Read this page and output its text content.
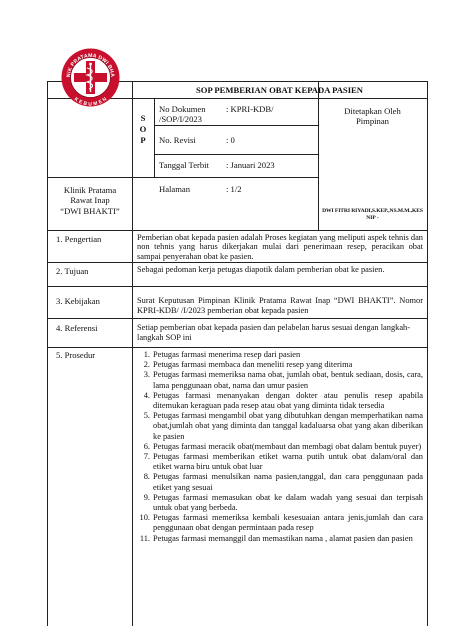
NIK PRATAMA DWI BHA
KEBUMEN
SOP PEMBERIAN OBAT KEPADA PASIEN
S
O
P
No Dokumen : KPRI-KDB/
/SOP/I/2023
No. Revisi	: 0
Tanggal Terbit : Januari 2023
Halaman	: 1/2
Ditetapkan Oleh
Pimpinan
DWI FITRI RIYADI,S.KEP.,NS.M.M.,KES
NIP -
Klinik Pratama
Rawat Inap
“DWI BHAKTI”
1. Pengertian
2. Tujuan
3. Kebijakan
4. Referensi
5. Prosedur
Pemberian obat kepada pasien adalah Proses kegiatan yang meliputi aspek tehnis dan non tehnis yang harus dikerjakan mulai dari penerimaan resep, peracikan obat sampai penyerahan obat ke pasien.
Sebagai pedoman kerja petugas diapotik dalam pemberian obat ke pasien.
Surat Keputusan Pimpinan Klinik Pratama Rawat Inap “DWI BHAKTI”. Nomor KPRI-KDB/ /I/2023 pemberian obat kepada pasien
Setiap pemberian obat kepada pasien dan pelabelan harus sesuai dengan langkah-langkah SOP ini
1. Petugas farmasi menerima resep dari pasien
2. Petugas farmasi membaca dan meneliti resep yang diterima
3. Petugas farmasi memeriksa nama obat, jumlah obat, bentuk sediaan, dosis, cara, lama penggunaan obat, nama dan umur pasien
4. Petugas farmasi menanyakan dengan dokter atau penulis resep apabila ditemukan keraguan pada resep atau obat yang diminta tidak tersedia
5. Petugas farmasi mengambil obat yang dibutuhkan dengan memperhatikan nama obat,jumlah obat yang diminta dan tanggal kadaluarsa obat yang akan diberikan ke pasien
6. Petugas farmasi meracik obat(membaut dan membagi obat dalam bentuk puyer)
7. Petugas farmasi memberikan etiket warna putih untuk obat dalam/oral dan etiket warna biru untuk obat luar
8. Petugas farmasi menulsikan nama pasien,tanggal, dan cara penggunaan pada etiket yang sesuai
9. Petugas farmasi memasukan obat ke dalam wadah yang sesuai dan terpisah untuk obat yang berbeda.
10. Petugas farmasi memeriksa kembali kesesuaian antara jenis,jumlah dan cara penggunaan obat dengan permintaan pada resep
11. Petugas farmasi memanggil dan memastikan nama , alamat pasien dan pasien
